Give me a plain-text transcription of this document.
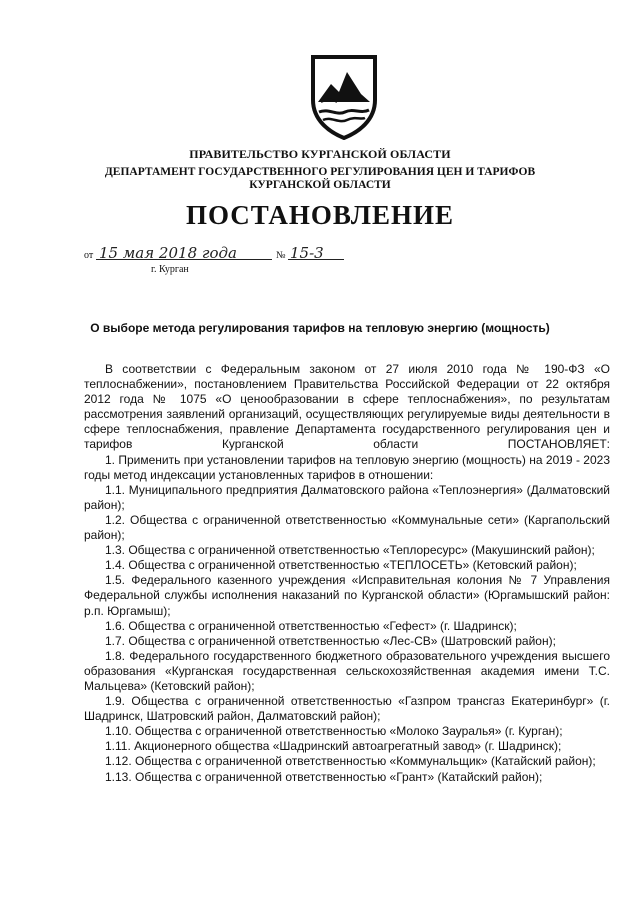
ПРАВИТЕЛЬСТВО КУРГАНСКОЙ ОБЛАСТИ
ДЕПАРТАМЕНТ ГОСУДАРСТВЕННОГО РЕГУЛИРОВАНИЯ ЦЕН И ТАРИФОВ
КУРГАНСКОЙ ОБЛАСТИ
ПОСТАНОВЛЕНИЕ
от 15 мая 2018 года	№ 15-3
г. Курган
О выборе метода регулирования тарифов на тепловую энергию (мощность)

В соответствии с Федеральным законом от 27 июля 2010 года № 190-ФЗ «О теплоснабжении», постановлением Правительства Российской Федерации от 22 октября 2012 года № 1075 «О ценообразовании в сфере теплоснабжения», по результатам рассмотрения заявлений организаций, осуществляющих регулируемые виды деятельности в сфере теплоснабжения, правление Департамента государственного регулирования цен и тарифов Курганской области ПОСТАНОВЛЯЕТ:

1. Применить при установлении тарифов на тепловую энергию (мощность) на 2019 - 2023 годы метод индексации установленных тарифов в отношении:

1.1. Муниципального предприятия Далматовского района «Теплоэнергия» (Далматовский район);

1.2. Общества с ограниченной ответственностью «Коммунальные сети» (Каргапольский район);

1.3. Общества с ограниченной ответственностью «Теплоресурс» (Макушинский район);

1.4. Общества с ограниченной ответственностью «ТЕПЛОСЕТЬ» (Кетовский район);

1.5. Федерального казенного учреждения «Исправительная колония № 7 Управления Федеральной службы исполнения наказаний по Курганской области» (Юргамышский район: р.п. Юргамыш);

1.6. Общества с ограниченной ответственностью «Гефест» (г. Шадринск);

1.7. Общества с ограниченной ответственностью «Лес-СВ» (Шатровский район);

1.8. Федерального государственного бюджетного образовательного учреждения высшего образования «Курганская государственная сельскохозяйственная академия имени Т.С. Мальцева» (Кетовский район);

1.9. Общества с ограниченной ответственностью «Газпром трансгаз Екатеринбург» (г. Шадринск, Шатровский район, Далматовский район);

1.10. Общества с ограниченной ответственностью «Молоко Зауралья» (г. Курган);

1.11. Акционерного общества «Шадринский автоагрегатный завод» (г. Шадринск);

1.12. Общества с ограниченной ответственностью «Коммунальщик» (Катайский район);

1.13. Общества с ограниченной ответственностью «Грант» (Катайский район);
